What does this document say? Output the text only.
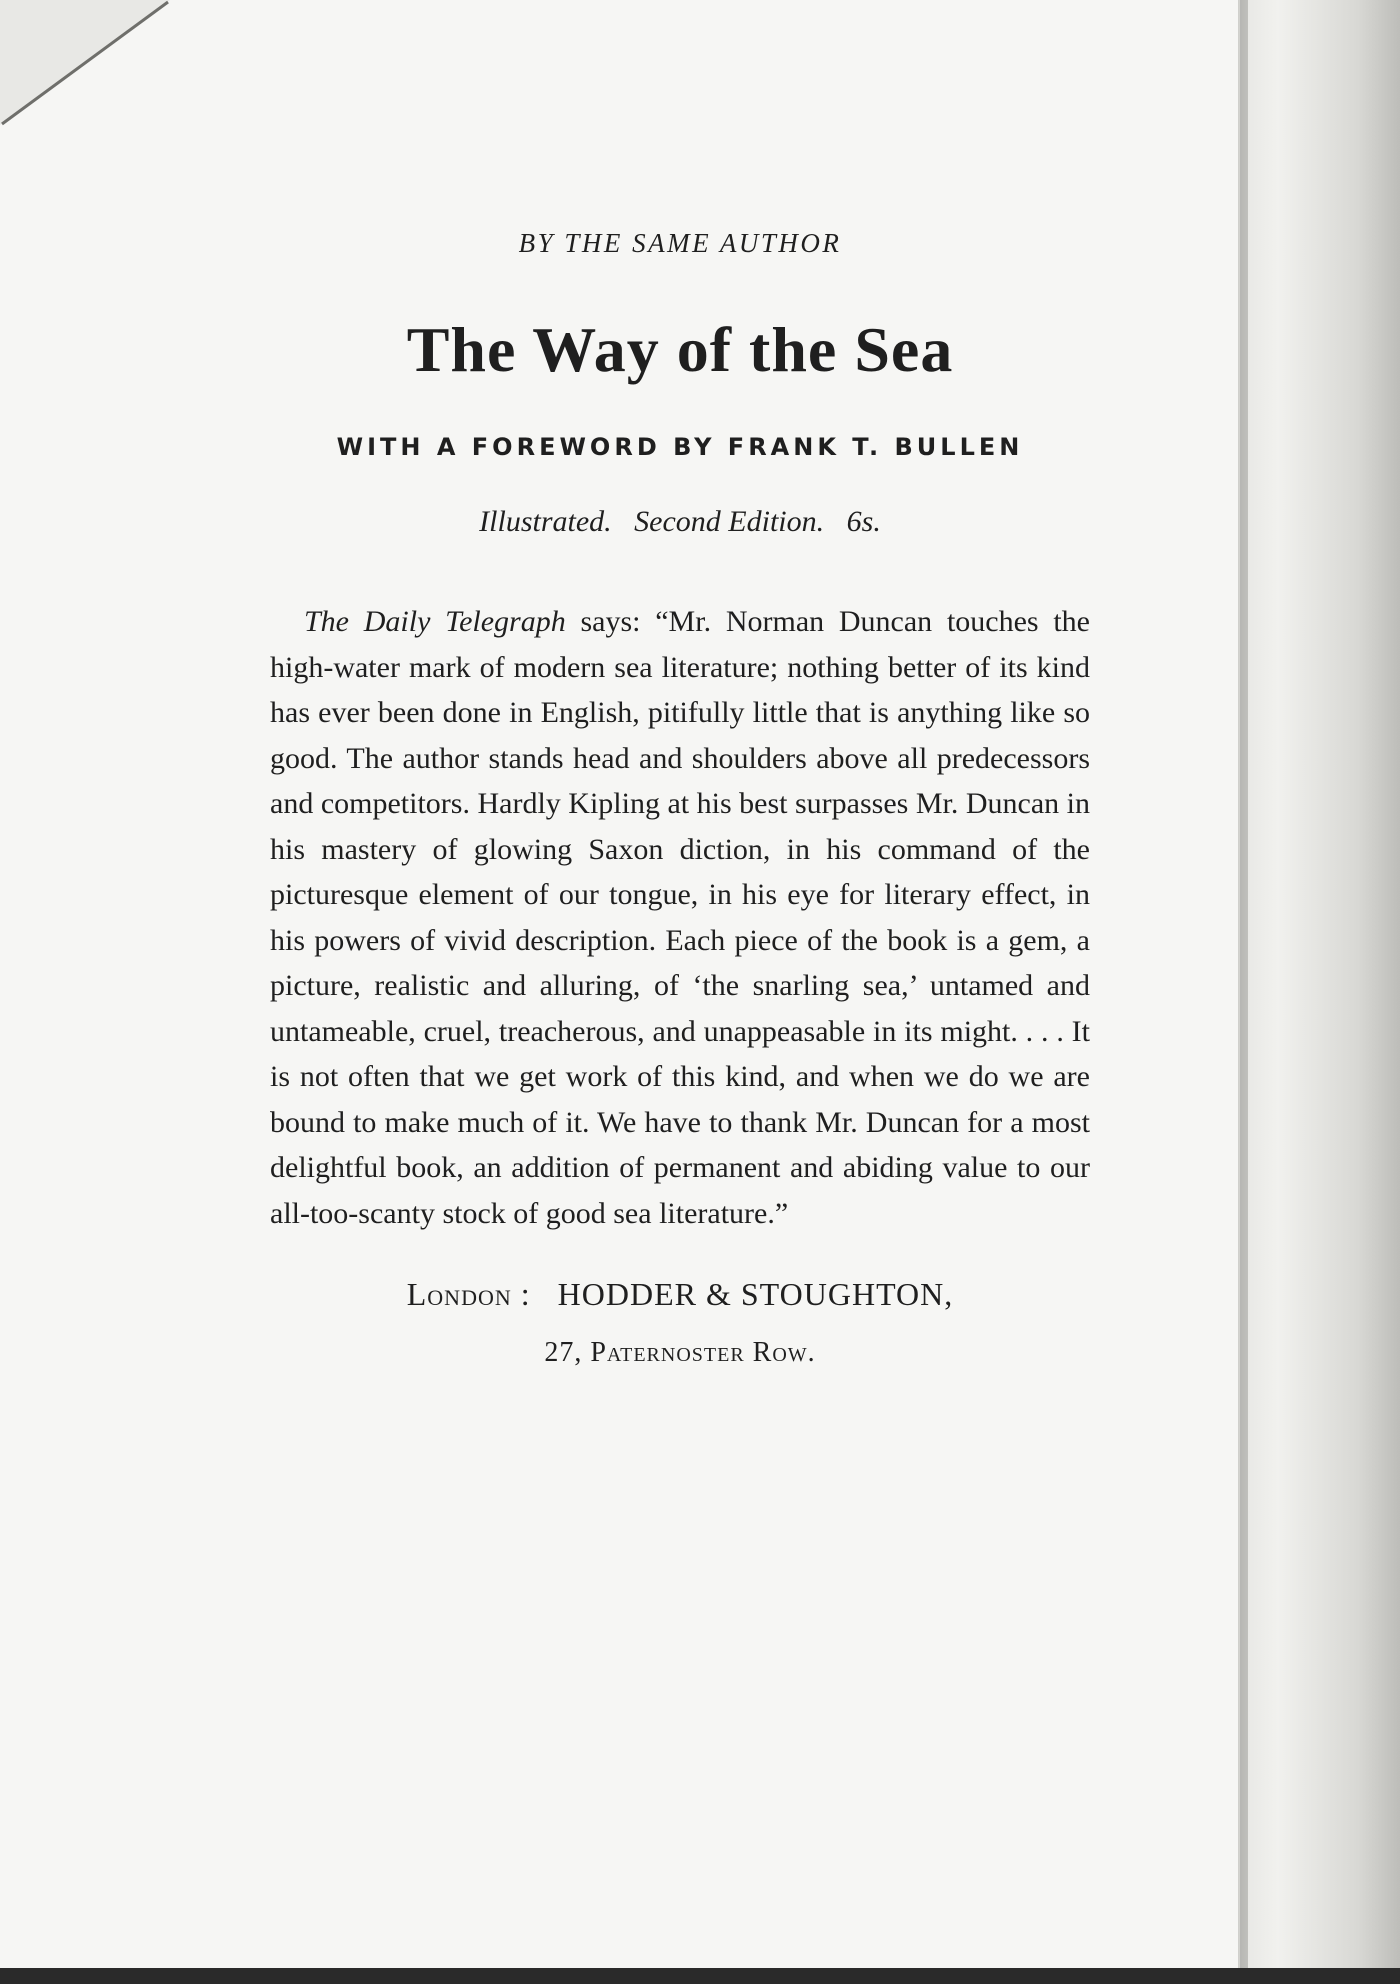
BY THE SAME AUTHOR
The Way of the Sea
WITH A FOREWORD BY FRANK T. BULLEN
Illustrated. Second Edition. 6s.

The Daily Telegraph says: “Mr. Norman Duncan touches the high-water mark of modern sea literature; nothing better of its kind has ever been done in English, pitifully little that is anything like so good. The author stands head and shoulders above all predecessors and competitors. Hardly Kipling at his best surpasses Mr. Duncan in his mastery of glowing Saxon diction, in his command of the picturesque element of our tongue, in his eye for literary effect, in his powers of vivid description. Each piece of the book is a gem, a picture, realistic and alluring, of ‘the snarling sea,’ untamed and untameable, cruel, treacherous, and unappeasable in its might. . . . It is not often that we get work of this kind, and when we do we are bound to make much of it. We have to thank Mr. Duncan for a most delightful book, an addition of permanent and abiding value to our all-too-scanty stock of good sea literature.”

London : HODDER & STOUGHTON,
27, Paternoster Row.
